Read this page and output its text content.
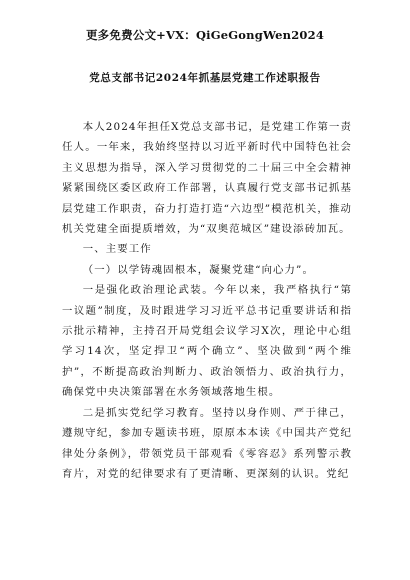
更多免费公文+VX：QiGeGongWen2024
党总支部书记2024年抓基层党建工作述职报告

本人2024年担任X党总支部书记，是党建工作第一责任人。一年来，我始终坚持以习近平新时代中国特色社会主义思想为指导，深入学习贯彻党的二十届三中全会精神紧紧围绕区委区政府工作部署，认真履行党支部书记抓基层党建工作职责，奋力打造打造“六边型”模范机关，推动机关党建全面提质增效，为“双奥范城区”建设添砖加瓦。

一、主要工作

（一）以学铸魂固根本，凝聚党建“向心力”。

一是强化政治理论武装。今年以来，我严格执行“第一议题”制度，及时跟进学习习近平总书记重要讲话和指示批示精神，主持召开局党组会议学习X次，理论中心组学习14次，坚定捍卫“两个确立”、坚决做到“两个维护”，不断提高政治判断力、政治领悟力、政治执行力，确保党中央决策部署在水务领域落地生根。

二是抓实党纪学习教育。坚持以身作则、严于律己，遵规守纪，参加专题读书班，原原本本读《中国共产党纪律处分条例》，带领党员干部观看《零容忍》系列警示教育片，对党的纪律要求有了更清晰、更深刻的认识。党纪
